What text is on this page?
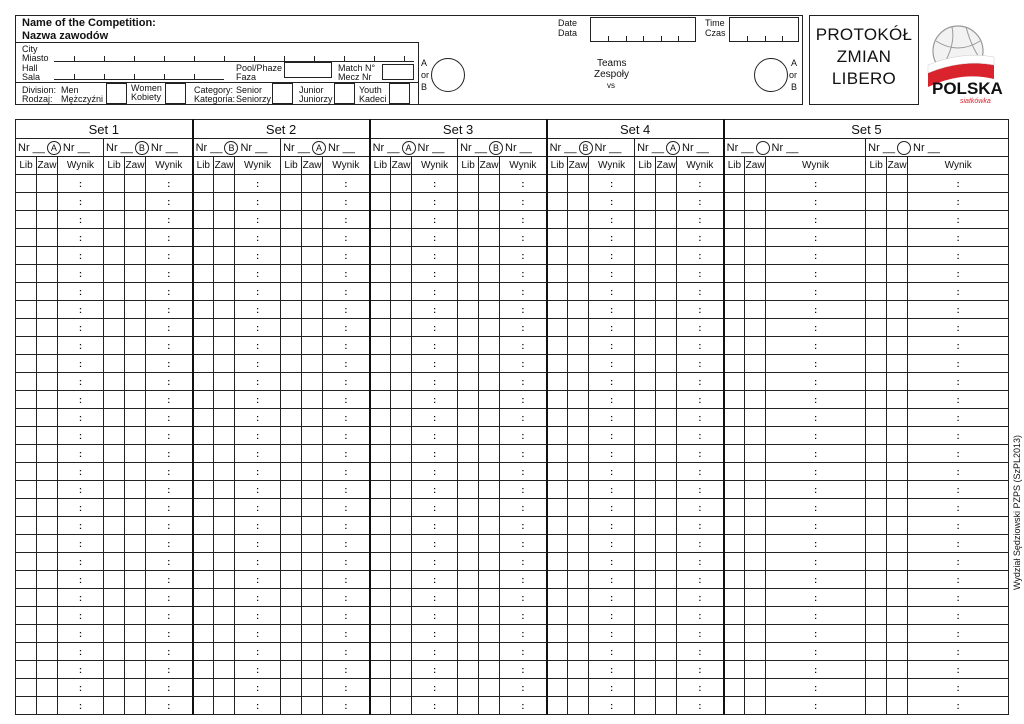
Name of the Competition:
Nazwa zawodów
City
Miasto
Hall
Sala
Pool/Phaze
Faza
Match N°
Mecz Nr
Division:
Rodzaj:
Men
Mężczyźni
Women
Kobiety
Category:
Kategoria:
Senior
Seniorzy
Junior
Juniorzy
Youth
Kadeci
Date
Data
Time
Czas
A
or
B
Teams
Zespoły
vs
A
or
B
PROTOKÓŁ
ZMIAN
LIBERO
POLSKA
siatkówka
Wydział Sędziowski PZPS (SzPL2013)
Set 1						Set 2						Set 3						Set 4						Set 5					
Nr __ A Nr __			Nr __ B Nr __			Nr __ B Nr __			Nr __ A Nr __			Nr __ A Nr __			Nr __ B Nr __			Nr __ B Nr __			Nr __ A Nr __			Nr __ Nr __			Nr __ Nr __		
Lib	Zaw	Wynik	Lib	Zaw	Wynik	Lib	Zaw	Wynik	Lib	Zaw	Wynik	Lib	Zaw	Wynik	Lib	Zaw	Wynik	Lib	Zaw	Wynik	Lib	Zaw	Wynik	Lib	Zaw	Wynik	Lib	Zaw	Wynik
		:			:			:			:			:			:			:			:			:			:
		:			:			:			:			:			:			:			:			:			:
		:			:			:			:			:			:			:			:			:			:
		:			:			:			:			:			:			:			:			:			:
		:			:			:			:			:			:			:			:			:			:
		:			:			:			:			:			:			:			:			:			:
		:			:			:			:			:			:			:			:			:			:
		:			:			:			:			:			:			:			:			:			:
		:			:			:			:			:			:			:			:			:			:
		:			:			:			:			:			:			:			:			:			:
		:			:			:			:			:			:			:			:			:			:
		:			:			:			:			:			:			:			:			:			:
		:			:			:			:			:			:			:			:			:			:
		:			:			:			:			:			:			:			:			:			:
		:			:			:			:			:			:			:			:			:			:
		:			:			:			:			:			:			:			:			:			:
		:			:			:			:			:			:			:			:			:			:
		:			:			:			:			:			:			:			:			:			:
		:			:			:			:			:			:			:			:			:			:
		:			:			:			:			:			:			:			:			:			:
		:			:			:			:			:			:			:			:			:			:
		:			:			:			:			:			:			:			:			:			:
		:			:			:			:			:			:			:			:			:			:
		:			:			:			:			:			:			:			:			:			:
		:			:			:			:			:			:			:			:			:			:
		:			:			:			:			:			:			:			:			:			:
		:			:			:			:			:			:			:			:			:			:
		:			:			:			:			:			:			:			:			:			:
		:			:			:			:			:			:			:			:			:			:
		:			:			:			:			:			:			:			:			:			:
